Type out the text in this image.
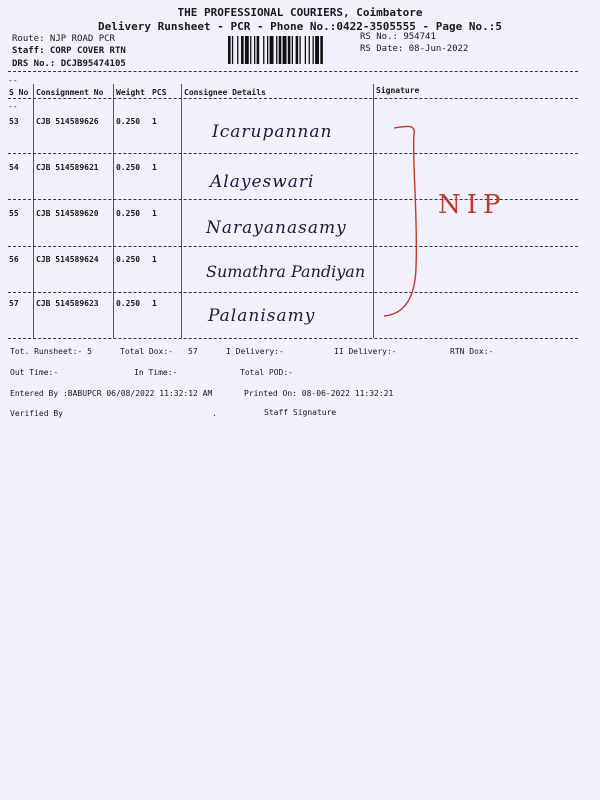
THE PROFESSIONAL COURIERS, Coimbatore
Delivery Runsheet - PCR - Phone No.:0422-3505555 - Page No.:5
Route: NJP ROAD PCR
Staff: CORP COVER RTN
DRS No.: DCJB95474105
RS No.: 954741
RS Date: 08-Jun-2022
--
S No Consignment No Weight PCS Consignee Details	Signature
--
53 CJB 514589626 0.250 1
Icarupannan
54 CJB 514589621 0.250 1
Alayeswari
55 CJB 514589620 0.250 1
Narayanasamy
56 CJB 514589624 0.250 1
Sumathra Pandiyan
57 CJB 514589623 0.250 1
Palanisamy
NIP
Tot. Runsheet:- 5	Total Dox:- 57	I Delivery:-	II Delivery:-	RTN Dox:-
Out Time:-	In Time:-	Total POD:-
Entered By :BABUPCR 06/08/2022 11:32:12 AM	Printed On: 08-06-2022 11:32:21
Verified By	.	Staff Signature
